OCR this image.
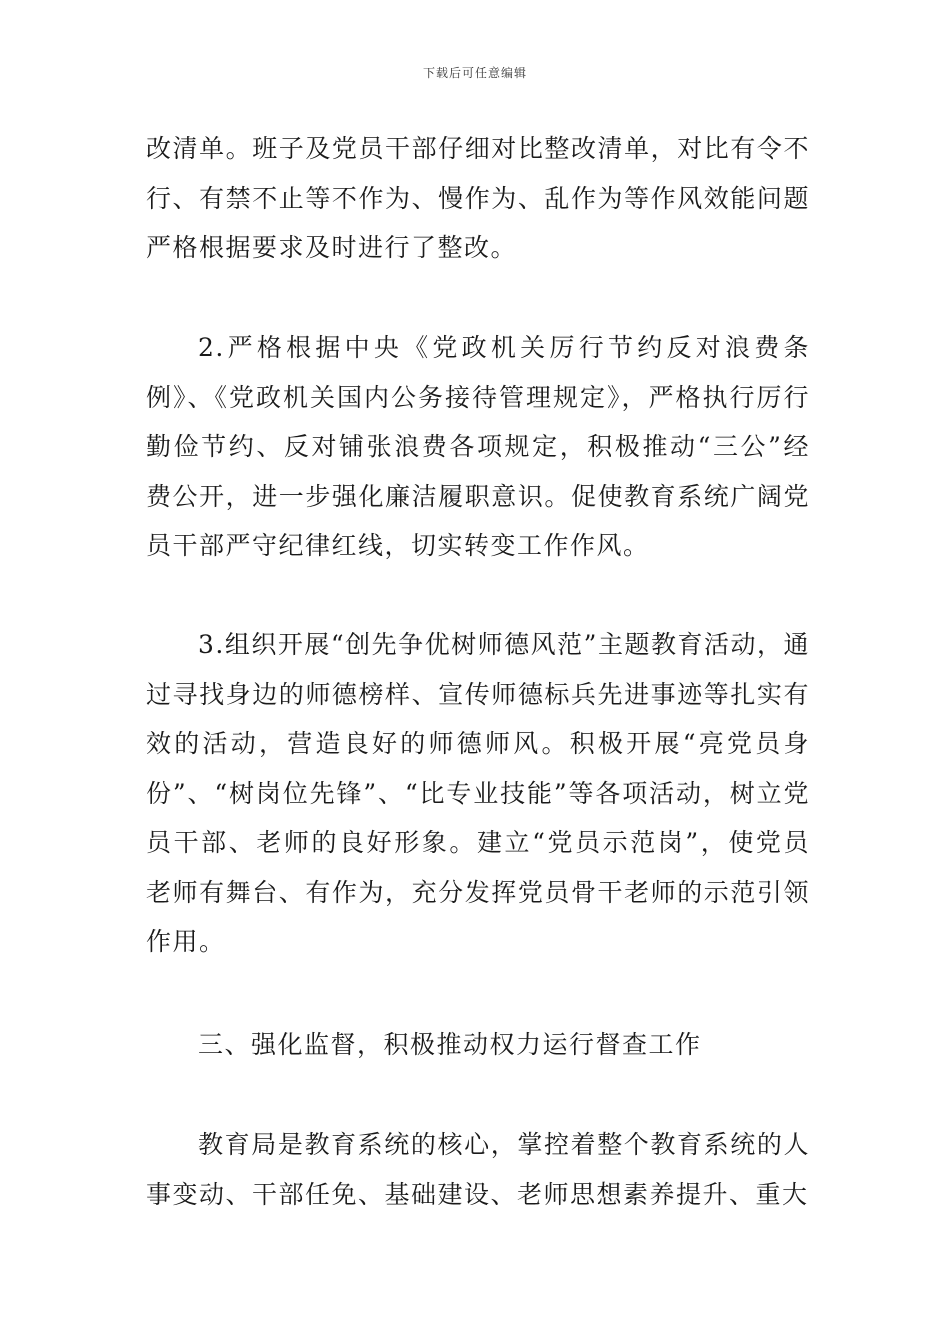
下载后可任意编辑

改清单。班子及党员干部仔细对比整改清单，对比有令不行、有禁不止等不作为、慢作为、乱作为等作风效能问题严格根据要求及时进行了整改。

2.严格根据中央《党政机关厉行节约反对浪费条例》、《党政机关国内公务接待管理规定》，严格执行厉行勤俭节约、反对铺张浪费各项规定，积极推动“三公”经费公开，进一步强化廉洁履职意识。促使教育系统广阔党员干部严守纪律红线，切实转变工作作风。

3.组织开展“创先争优树师德风范”主题教育活动，通过寻找身边的师德榜样、宣传师德标兵先进事迹等扎实有效的活动，营造良好的师德师风。积极开展“亮党员身份”、“树岗位先锋”、“比专业技能”等各项活动，树立党员干部、老师的良好形象。建立“党员示范岗”，使党员老师有舞台、有作为，充分发挥党员骨干老师的示范引领作用。

三、强化监督，积极推动权力运行督查工作

教育局是教育系统的核心，掌控着整个教育系统的人事变动、干部任免、基础建设、老师思想素养提升、重大
